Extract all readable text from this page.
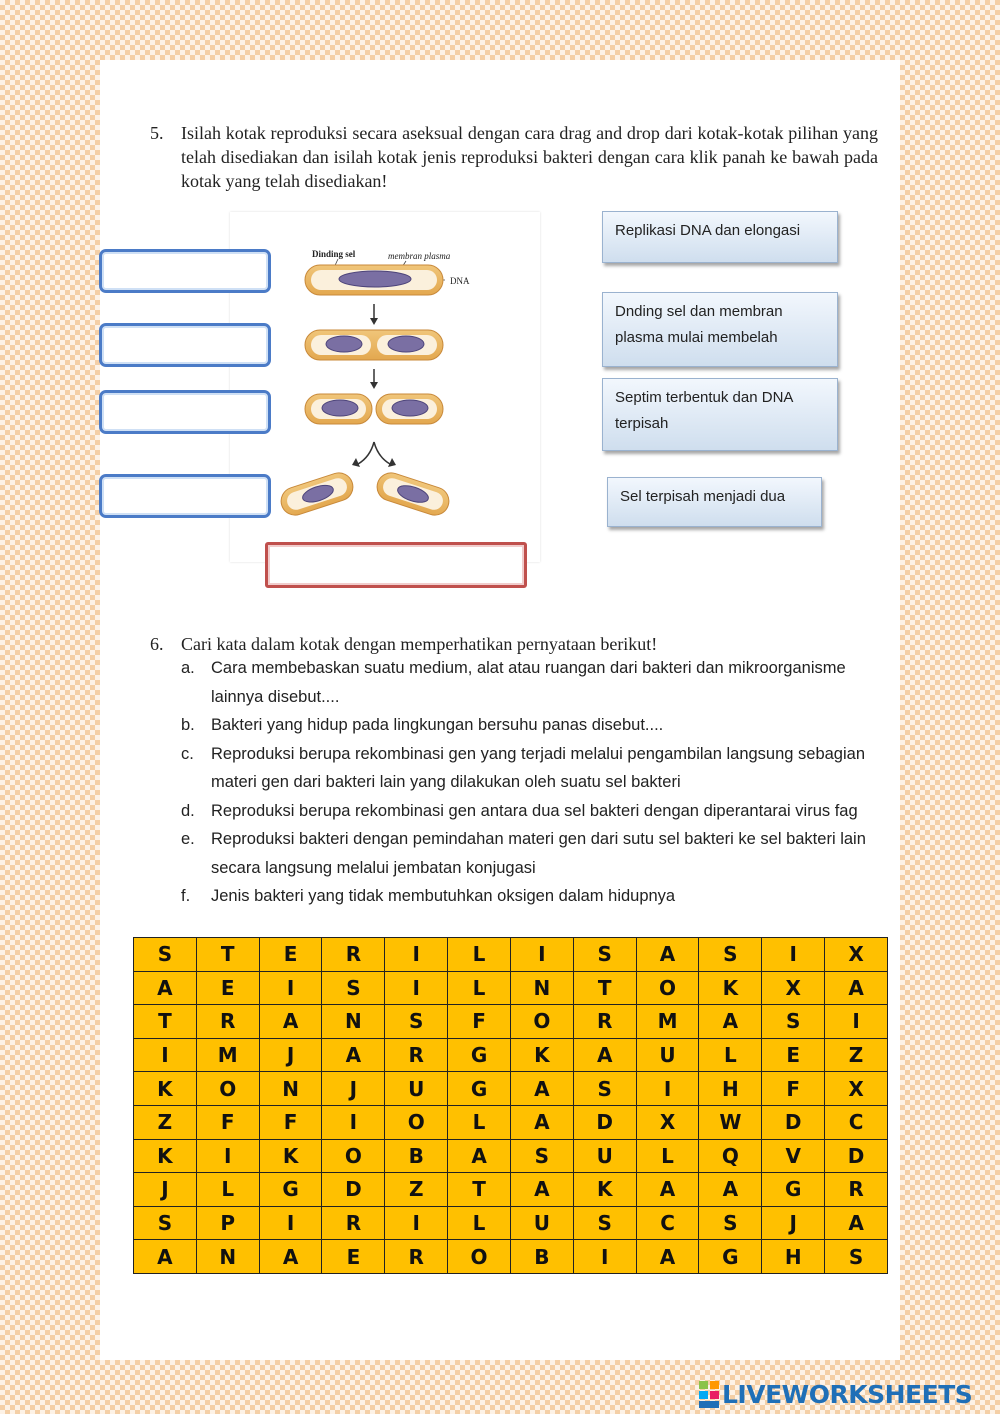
5. Isilah kotak reproduksi secara aseksual dengan cara drag and drop dari kotak-kotak pilihan yang telah disediakan dan isilah kotak jenis reproduksi bakteri dengan cara klik panah ke bawah pada kotak yang telah disediakan!
Dinding sel	membran plasma
DNA
Replikasi DNA dan elongasi
Dnding sel dan membran plasma mulai membelah
Septim terbentuk dan DNA terpisah
Sel terpisah menjadi dua
6. Cari kata dalam kotak dengan memperhatikan pernyataan berikut!
a. Cara membebaskan suatu medium, alat atau ruangan dari bakteri dan mikroorganisme lainnya disebut....
b. Bakteri yang hidup pada lingkungan bersuhu panas disebut....
c. Reproduksi berupa rekombinasi gen yang terjadi melalui pengambilan langsung sebagian materi gen dari bakteri lain yang dilakukan oleh suatu sel bakteri
d. Reproduksi berupa rekombinasi gen antara dua sel bakteri dengan diperantarai virus fag
e. Reproduksi bakteri dengan pemindahan materi gen dari sutu sel bakteri ke sel bakteri lain secara langsung melalui jembatan konjugasi
f. Jenis bakteri yang tidak membutuhkan oksigen dalam hidupnya
S	T	E	R	I	L	I	S	A	S	I	X
A	E	I	S	I	L	N	T	O	K	X	A
T	R	A	N	S	F	O	R	M	A	S	I
I	M	J	A	R	G	K	A	U	L	E	Z
K	O	N	J	U	G	A	S	I	H	F	X
Z	F	F	I	O	L	A	D	X	W	D	C
K	I	K	O	B	A	S	U	L	Q	V	D
J	L	G	D	Z	T	A	K	A	A	G	R
S	P	I	R	I	L	U	S	C	S	J	A
A	N	A	E	R	O	B	I	A	G	H	S
LIVEWORKSHEETS
